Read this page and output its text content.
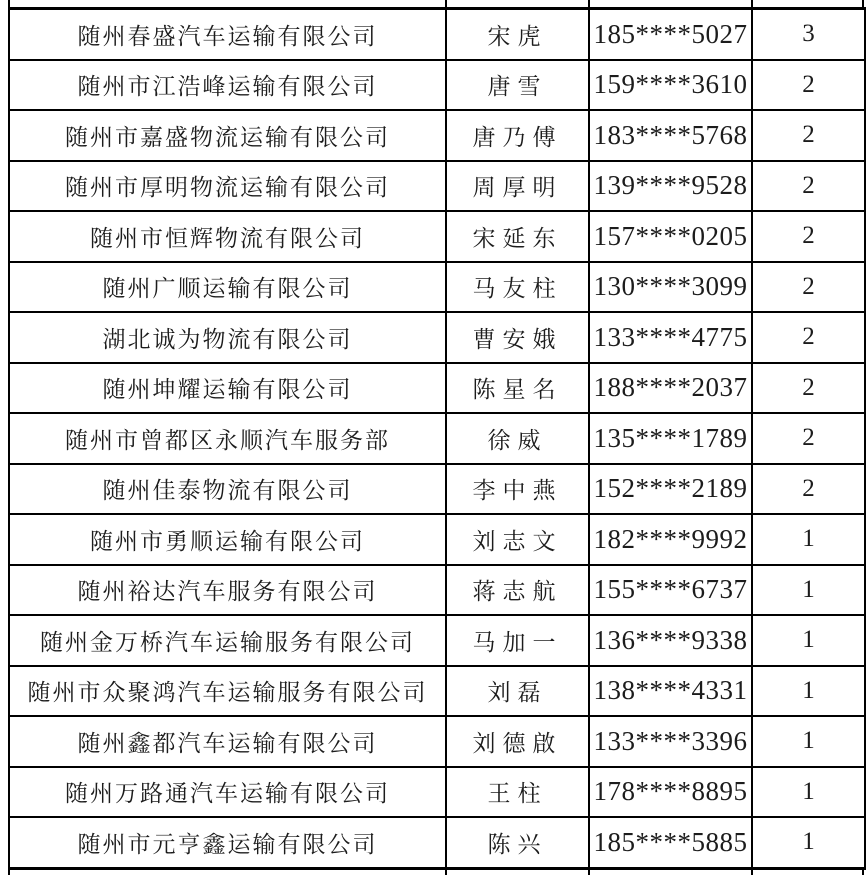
随州春盛汽车运输有限公司	宋虎	185****5027	3
随州市江浩峰运输有限公司	唐雪	159****3610	2
随州市嘉盛物流运输有限公司	唐乃傅	183****5768	2
随州市厚明物流运输有限公司	周厚明	139****9528	2
随州市恒辉物流有限公司	宋延东	157****0205	2
随州广顺运输有限公司	马友柱	130****3099	2
湖北诚为物流有限公司	曹安娥	133****4775	2
随州坤耀运输有限公司	陈星名	188****2037	2
随州市曾都区永顺汽车服务部	徐威	135****1789	2
随州佳泰物流有限公司	李中燕	152****2189	2
随州市勇顺运输有限公司	刘志文	182****9992	1
随州裕达汽车服务有限公司	蒋志航	155****6737	1
随州金万桥汽车运输服务有限公司	马加一	136****9338	1
随州市众聚鸿汽车运输服务有限公司	刘磊	138****4331	1
随州鑫都汽车运输有限公司	刘德啟	133****3396	1
随州万路通汽车运输有限公司	王柱	178****8895	1
随州市元亨鑫运输有限公司	陈兴	185****5885	1
